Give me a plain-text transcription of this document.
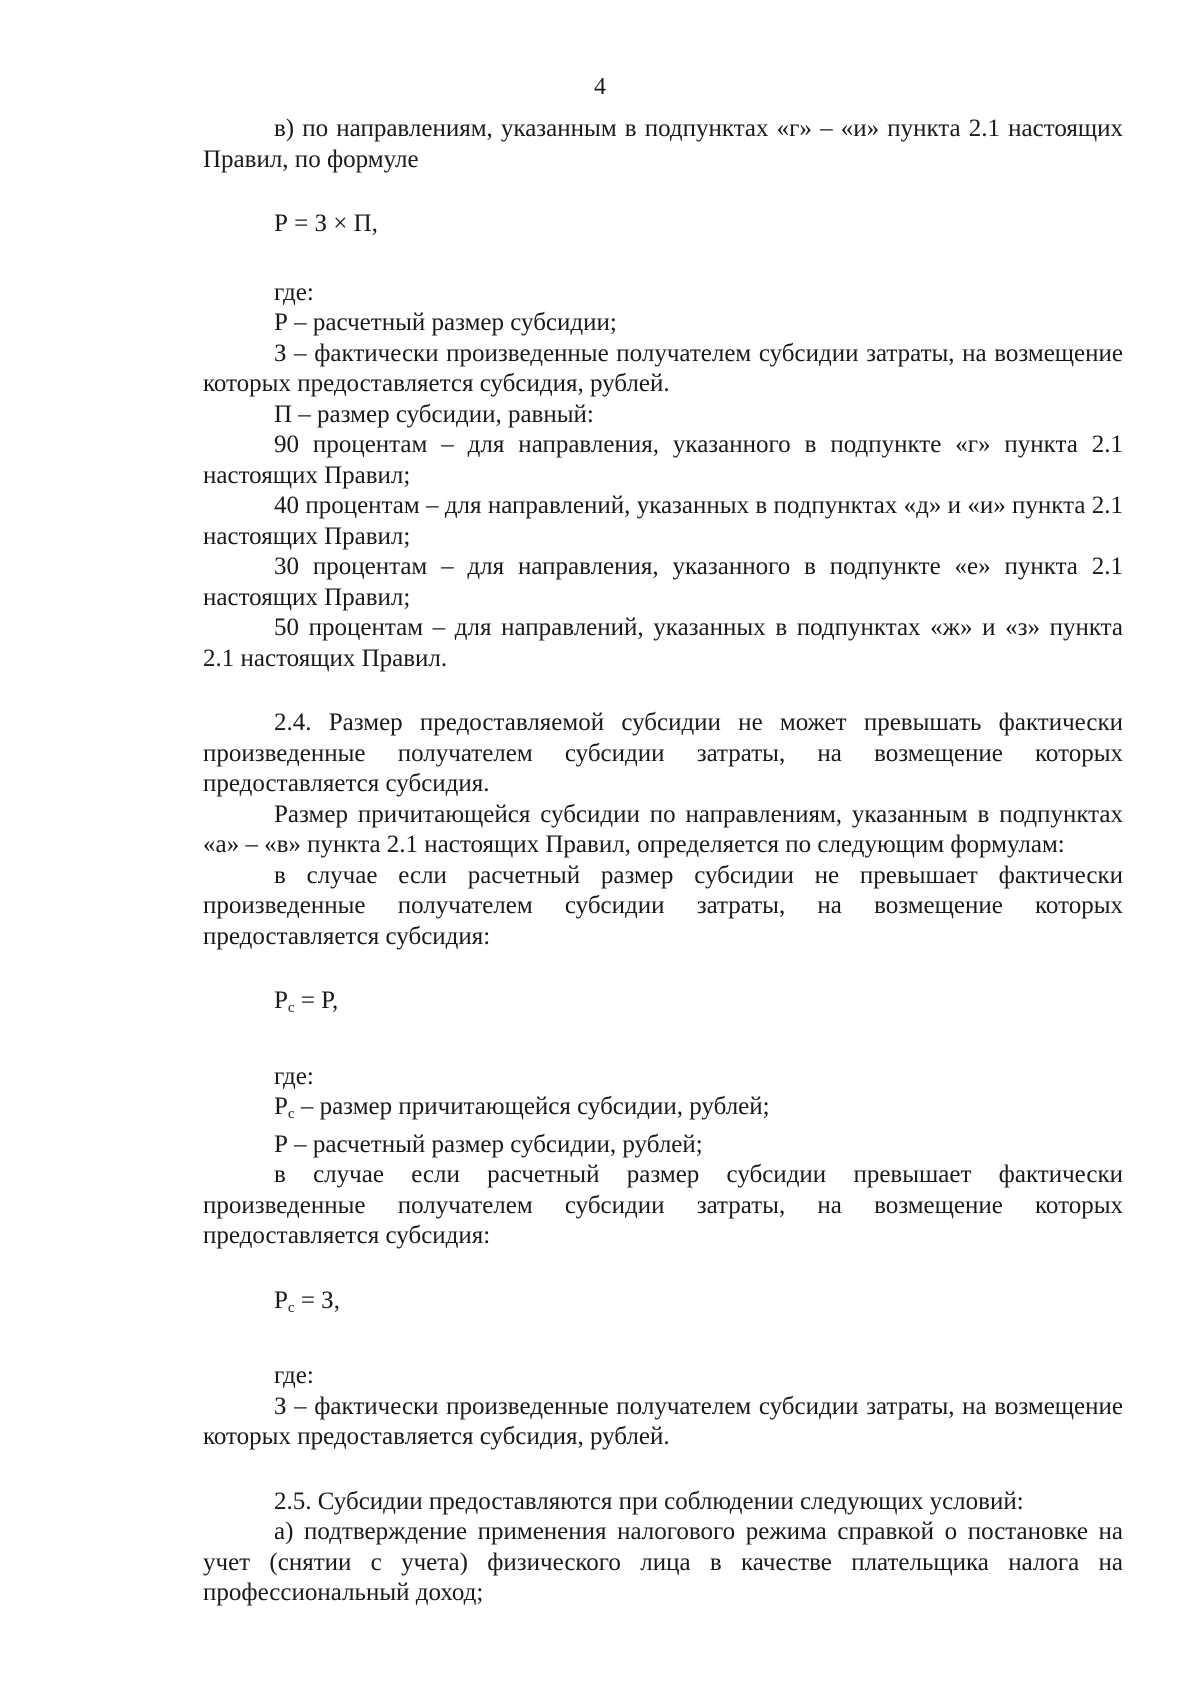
4

в) по направлениям, указанным в подпунктах «г» – «и» пункта 2.1 настоящих Правил, по формуле

Р = З × П,

где:

Р – расчетный размер субсидии;

З – фактически произведенные получателем субсидии затраты, на возмещение которых предоставляется субсидия, рублей.

П – размер субсидии, равный:

90 процентам – для направления, указанного в подпункте «г» пункта 2.1 настоящих Правил;

40 процентам – для направлений, указанных в подпунктах «д» и «и» пункта 2.1 настоящих Правил;

30 процентам – для направления, указанного в подпункте «е» пункта 2.1 настоящих Правил;

50 процентам – для направлений, указанных в подпунктах «ж» и «з» пункта 2.1 настоящих Правил.

2.4. Размер предоставляемой субсидии не может превышать фактически произведенные получателем субсидии затраты, на возмещение которых предоставляется субсидия.

Размер причитающейся субсидии по направлениям, указанным в подпунктах «а» – «в» пункта 2.1 настоящих Правил, определяется по следующим формулам:

в случае если расчетный размер субсидии не превышает фактически произведенные получателем субсидии затраты, на возмещение которых предоставляется субсидия:

$Р_с = Р$,

где:

$Р_с$ – размер причитающейся субсидии, рублей;

Р – расчетный размер субсидии, рублей;

в случае если расчетный размер субсидии превышает фактически произведенные получателем субсидии затраты, на возмещение которых предоставляется субсидия:

$Р_с = З$,

где:

З – фактически произведенные получателем субсидии затраты, на возмещение которых предоставляется субсидия, рублей.

2.5. Субсидии предоставляются при соблюдении следующих условий:

а) подтверждение применения налогового режима справкой о постановке на учет (снятии с учета) физического лица в качестве плательщика налога на профессиональный доход;
